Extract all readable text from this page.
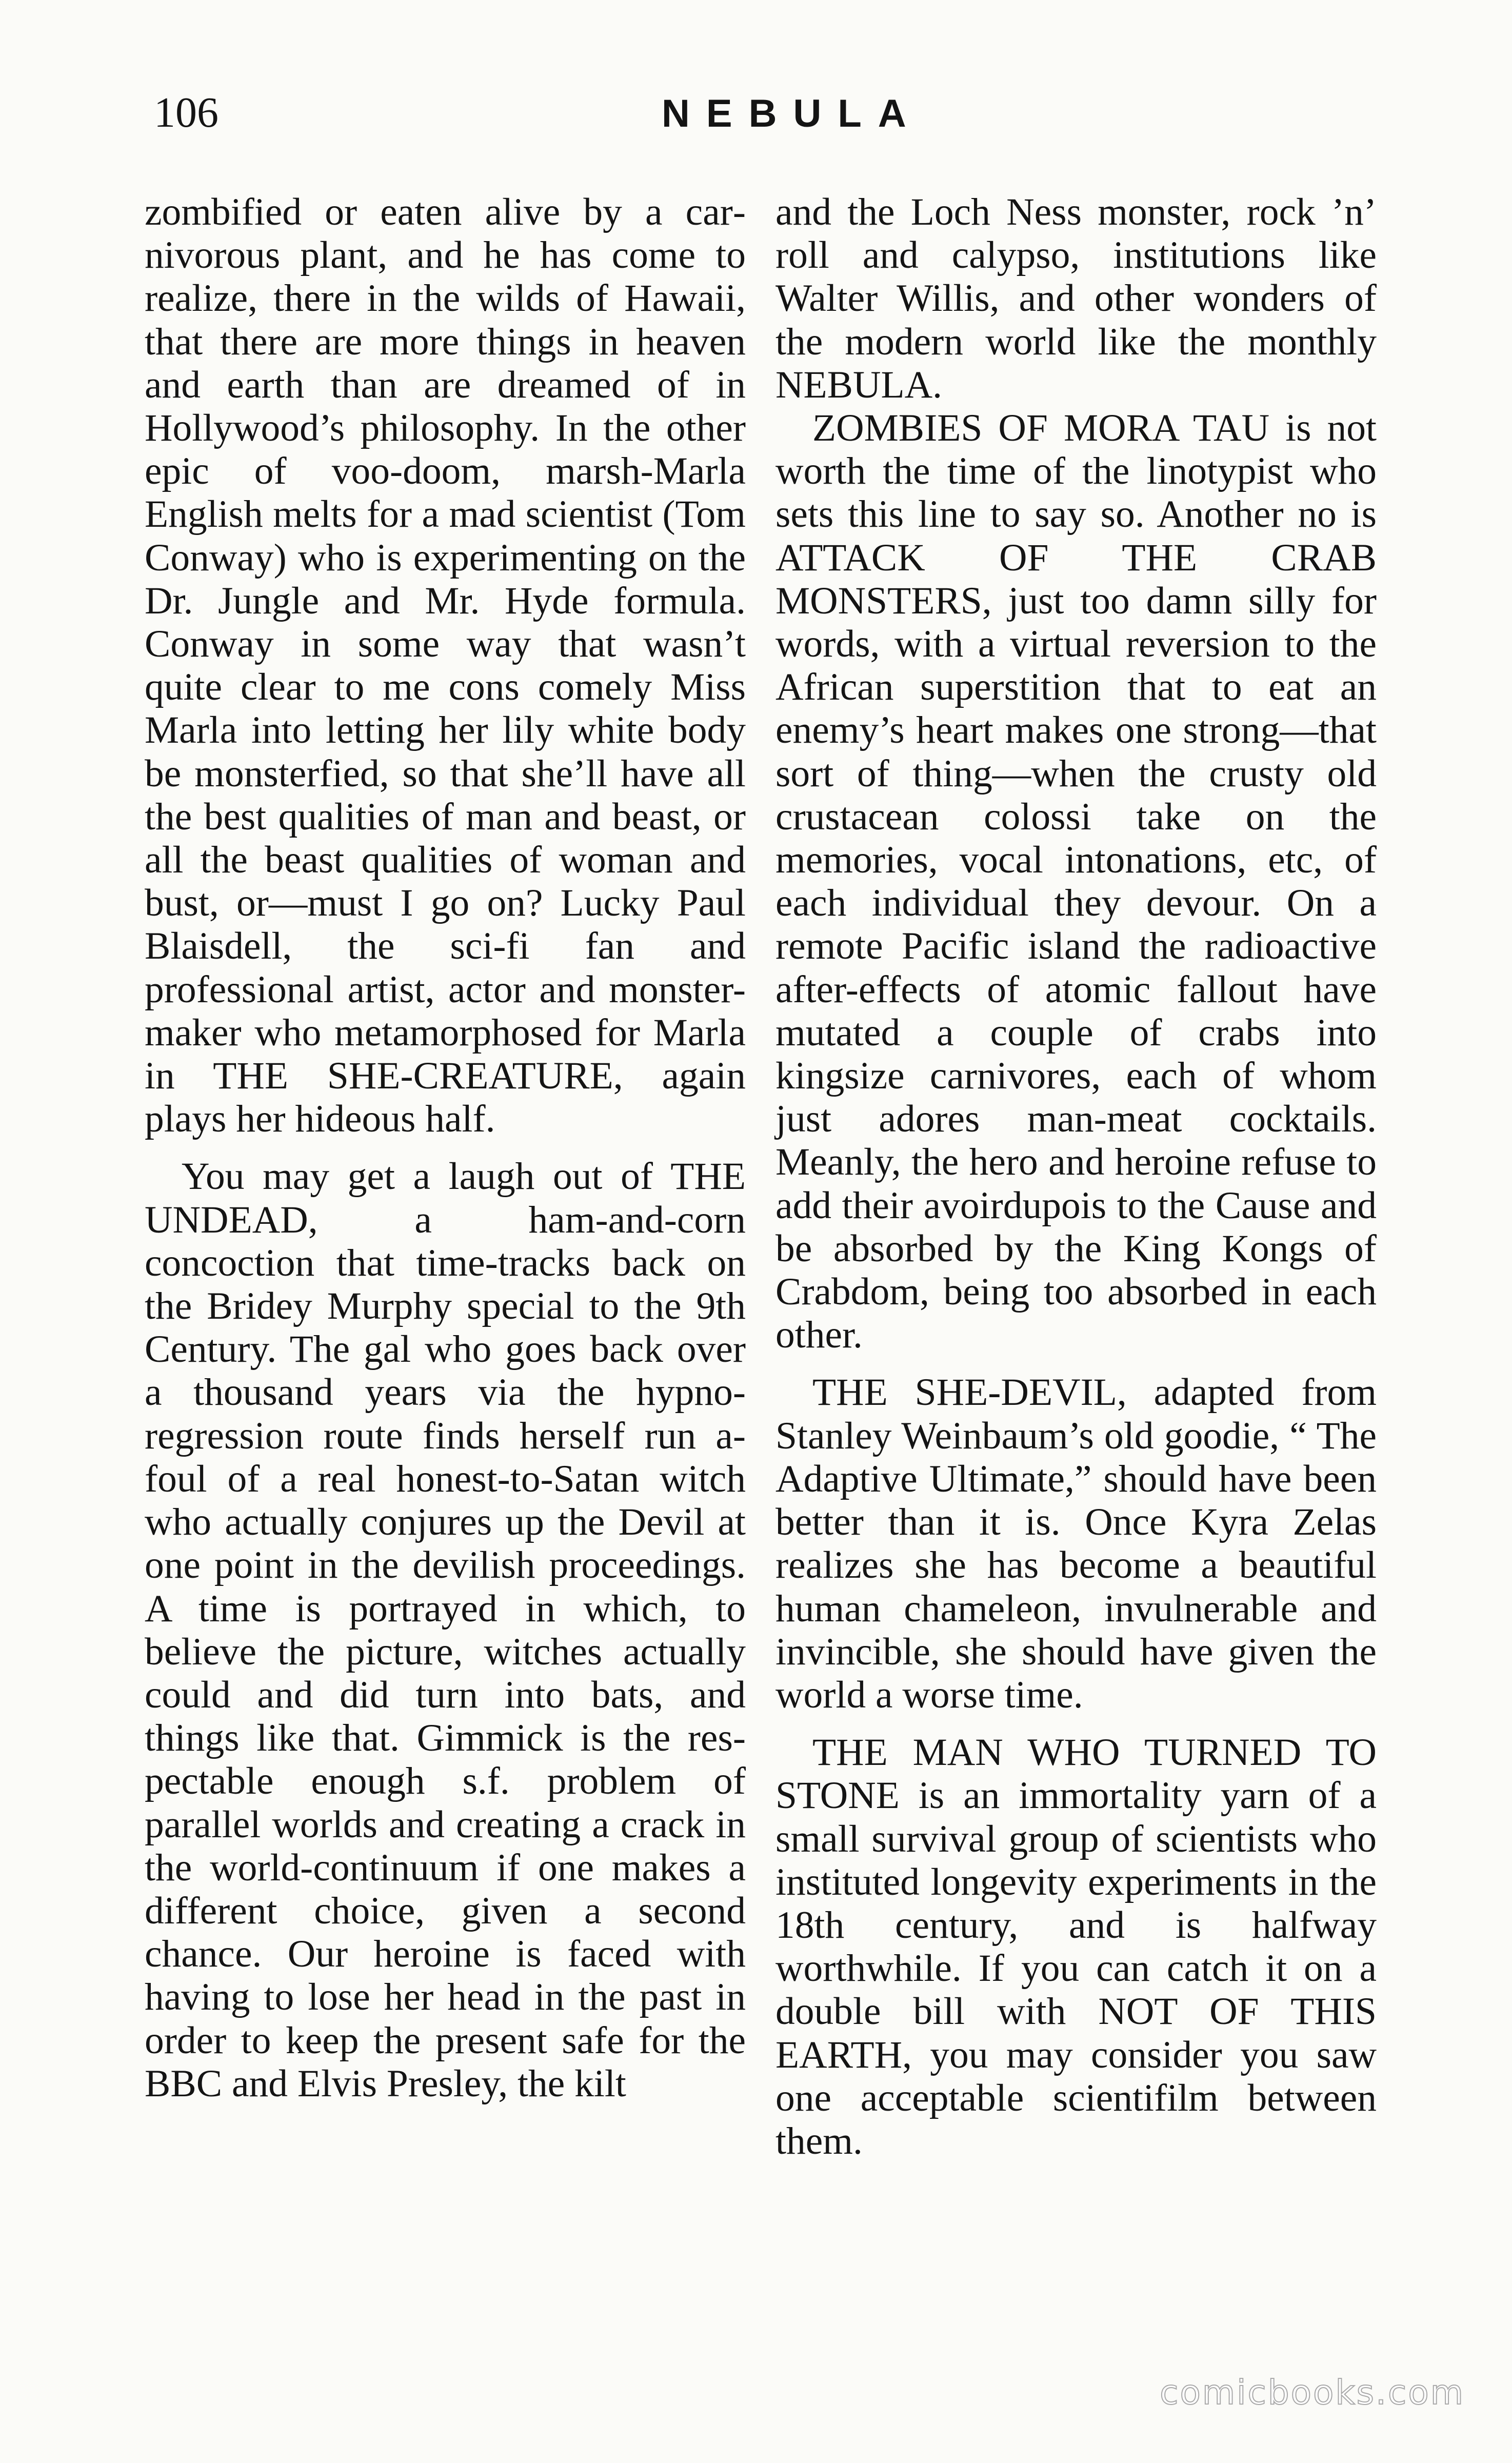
106	NEBULA

zombified or eaten alive by a carnivorous plant, and he has come to realize, there in the wilds of Hawaii, that there are more things in heaven and earth than are dreamed of in Hollywood’s philosophy. In the other epic of voo-doom, marsh-Marla English melts for a mad scientist (Tom Conway) who is experimenting on the Dr. Jungle and Mr. Hyde formula. Conway in some way that wasn’t quite clear to me cons comely Miss Marla into letting her lily white body be monsterfied, so that she’ll have all the best qualities of man and beast, or all the beast qualities of woman and bust, or—must I go on? Lucky Paul Blaisdell, the sci-fi fan and professional artist, actor and monster-maker who metamorphosed for Marla in THE SHE-CREATURE, again plays her hideous half.

You may get a laugh out of THE UNDEAD, a ham-and-corn concoction that time-tracks back on the Bridey Murphy special to the 9th Century. The gal who goes back over a thousand years via the hypno-regression route finds herself run a-foul of a real honest-to-Satan witch who actually conjures up the Devil at one point in the devilish proceedings. A time is portrayed in which, to believe the picture, witches actually could and did turn into bats, and things like that. Gimmick is the respectable enough s.f. problem of parallel worlds and creating a crack in the world-continuum if one makes a different choice, given a second chance. Our heroine is faced with having to lose her head in the past in order to keep the present safe for the BBC and Elvis Presley, the kilt

and the Loch Ness monster, rock ’n’ roll and calypso, institutions like Walter Willis, and other wonders of the modern world like the monthly NEBULA.

ZOMBIES OF MORA TAU is not worth the time of the linotypist who sets this line to say so. Another no is ATTACK OF THE CRAB MONSTERS, just too damn silly for words, with a virtual reversion to the African superstition that to eat an enemy’s heart makes one strong—that sort of thing—when the crusty old crustacean colossi take on the memories, vocal intonations, etc, of each individual they devour. On a remote Pacific island the radioactive after-effects of atomic fallout have mutated a couple of crabs into kingsize carnivores, each of whom just adores man-meat cocktails. Meanly, the hero and heroine refuse to add their avoirdupois to the Cause and be absorbed by the King Kongs of Crabdom, being too absorbed in each other.

THE SHE-DEVIL, adapted from Stanley Weinbaum’s old goodie, “ The Adaptive Ultimate,” should have been better than it is. Once Kyra Zelas realizes she has become a beautiful human chameleon, invulnerable and invincible, she should have given the world a worse time.

THE MAN WHO TURNED TO STONE is an immortality yarn of a small survival group of scientists who instituted longevity experiments in the 18th century, and is halfway worthwhile. If you can catch it on a double bill with NOT OF THIS EARTH, you may consider you saw one acceptable scientifilm between them.

comicbooks.com
